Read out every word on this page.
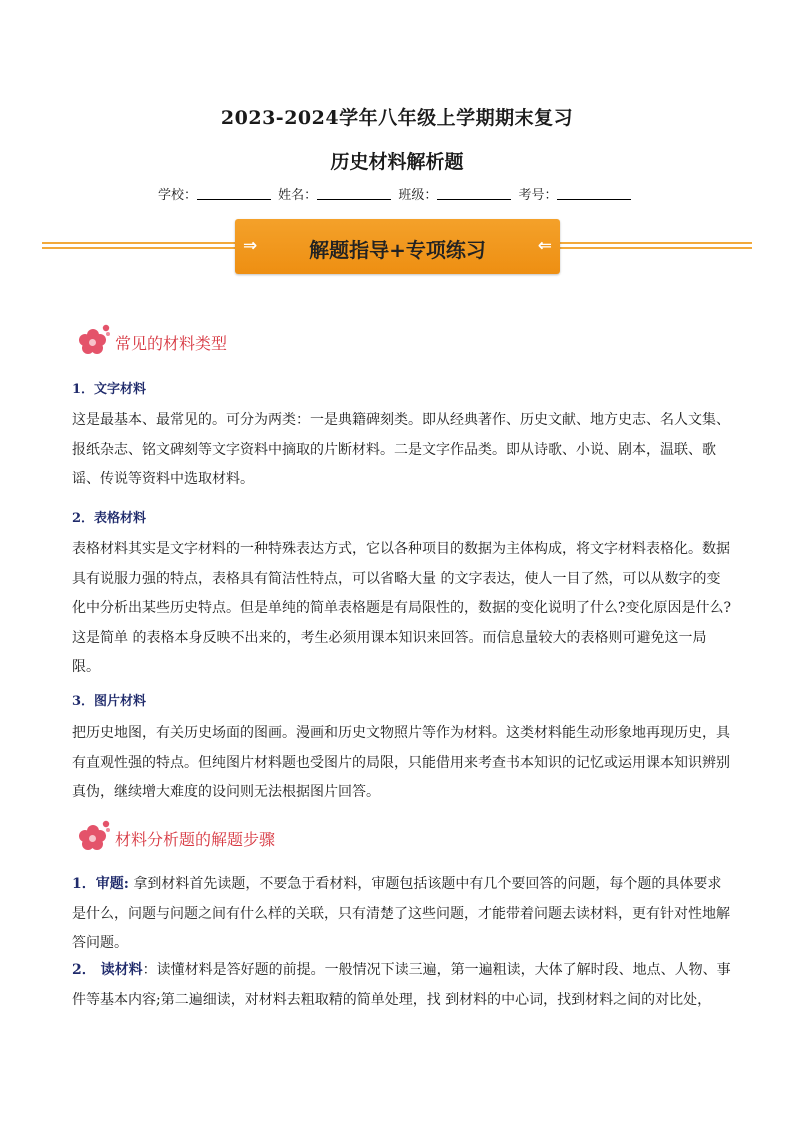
2023-2024学年八年级上学期期末复习
历史材料解析题
学校：	姓名：	班级：	考号：
⇒	解题指导+专项练习	⇐
常见的材料类型
1．文字材料
这是最基本、最常见的。可分为两类：一是典籍碑刻类。即从经典著作、历史文献、地方史志、名人文集、报纸杂志、铭文碑刻等文字资料中摘取的片断材料。二是文字作品类。即从诗歌、小说、剧本，温联、歌谣、传说等资料中选取材料。
2．表格材料
表格材料其实是文字材料的一种特殊表达方式，它以各种项目的数据为主体构成，将文字材料表格化。数据具有说服力强的特点，表格具有简洁性特点，可以省略大量 的文字表达，使人一目了然，可以从数字的变化中分析出某些历史特点。但是单纯的简单表格题是有局限性的，数据的变化说明了什么?变化原因是什么?这是简单 的表格本身反映不出来的，考生必须用课本知识来回答。而信息量较大的表格则可避免这一局限。
3．图片材料
把历史地图，有关历史场面的图画。漫画和历史文物照片等作为材料。这类材料能生动形象地再现历史，具有直观性强的特点。但纯图片材料题也受图片的局限，只能借用来考查书本知识的记忆或运用课本知识辨别真伪，继续增大难度的设问则无法根据图片回答。
材料分析题的解题步骤
1．审题: 拿到材料首先读题，不要急于看材料，审题包括该题中有几个要回答的问题，每个题的具体要求是什么，问题与问题之间有什么样的关联，只有清楚了这些问题，才能带着问题去读材料，更有针对性地解答问题。
2． 读材料：读懂材料是答好题的前提。一般情况下读三遍，第一遍粗读，大体了解时段、地点、人物、事件等基本内容;第二遍细读，对材料去粗取精的简单处理，找 到材料的中心词，找到材料之间的对比处，
